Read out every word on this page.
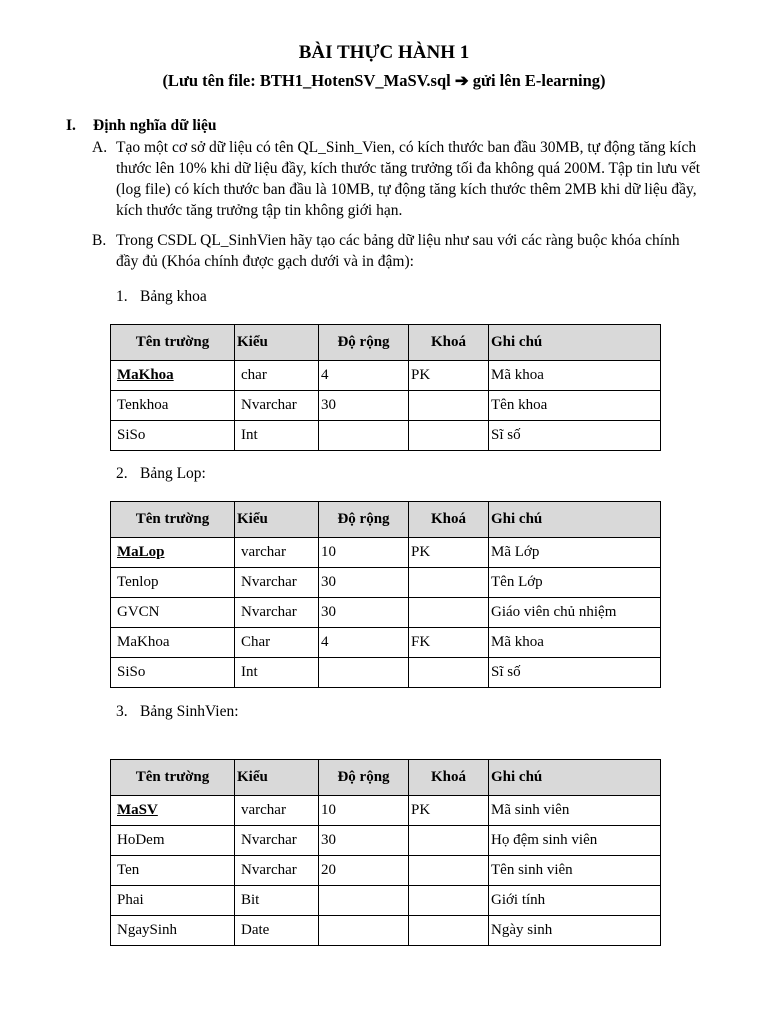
BÀI THỰC HÀNH 1
(Lưu tên file: BTH1_HotenSV_MaSV.sql ➔ gửi lên E-learning)
I. Định nghĩa dữ liệu
A. Tạo một cơ sở dữ liệu có tên QL_Sinh_Vien, có kích thước ban đầu 30MB, tự động tăng kích thước lên 10% khi dữ liệu đầy, kích thước tăng trưởng tối đa không quá 200M. Tập tin lưu vết (log file) có kích thước ban đầu là 10MB, tự động tăng kích thước thêm 2MB khi dữ liệu đầy, kích thước tăng trưởng tập tin không giới hạn.
B. Trong CSDL QL_SinhVien hãy tạo các bảng dữ liệu như sau với các ràng buộc khóa chính đầy đủ (Khóa chính được gạch dưới và in đậm):
1. Bảng khoa
Tên trường	Kiểu	Độ rộng	Khoá	Ghi chú
MaKhoa	char	4	PK	Mã khoa
Tenkhoa	Nvarchar	30		Tên khoa
SiSo	Int			Sĩ số
2. Bảng Lop:
Tên trường	Kiểu	Độ rộng	Khoá	Ghi chú
MaLop	varchar	10	PK	Mã Lớp
Tenlop	Nvarchar	30		Tên Lớp
GVCN	Nvarchar	30		Giáo viên chủ nhiệm
MaKhoa	Char	4	FK	Mã khoa
SiSo	Int			Sĩ số
3. Bảng SinhVien:
Tên trường	Kiểu	Độ rộng	Khoá	Ghi chú
MaSV	varchar	10	PK	Mã sinh viên
HoDem	Nvarchar	30		Họ đệm sinh viên
Ten	Nvarchar	20		Tên sinh viên
Phai	Bit			Giới tính
NgaySinh	Date			Ngày sinh
